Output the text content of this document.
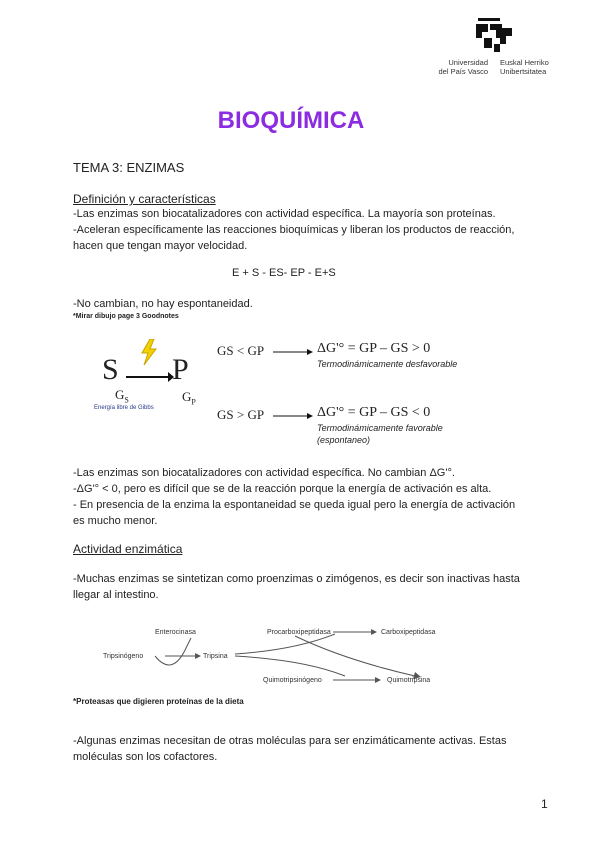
Universidad
del País Vasco
Euskal Herriko
Unibertsitatea
BIOQUÍMICA
TEMA 3: ENZIMAS
Definición y características
-Las enzimas son biocatalizadores con actividad específica. La mayoría son proteínas.
-Aceleran específicamente las reacciones bioquímicas y liberan los productos de reacción,
hacen que tengan mayor velocidad.
E + S - ES- EP - E+S
-No cambian, no hay espontaneidad.
*Mirar dibujo page 3 Goodnotes
S →
P
$G_S$	$G_P$
Energía libre de Gibbs
GS < GP	ΔG'° = GP – GS > 0
Termodinámicamente desfavorable
GS > GP	ΔG'° = GP – GS < 0
Termodinámicamente favorable
(espontaneo)
-Las enzimas son biocatalizadores con actividad específica. No cambian ΔG'°.
-ΔG'° < 0, pero es difícil que se de la reacción porque la energía de activación es alta.
- En presencia de la enzima la espontaneidad se queda igual pero la energía de activación
es mucho menor.
Actividad enzimática
-Muchas enzimas se sintetizan como proenzimas o zimógenos, es decir son inactivas hasta
llegar al intestino.
Enterocinasa
Tripsinógeno	Tripsina
Procarboxipeptidasa	Carboxipeptidasa
Quimotripsinógeno	Quimotripsina
*Proteasas que digieren proteínas de la dieta
-Algunas enzimas necesitan de otras moléculas para ser enzimáticamente activas. Estas
moléculas son los cofactores.
1
